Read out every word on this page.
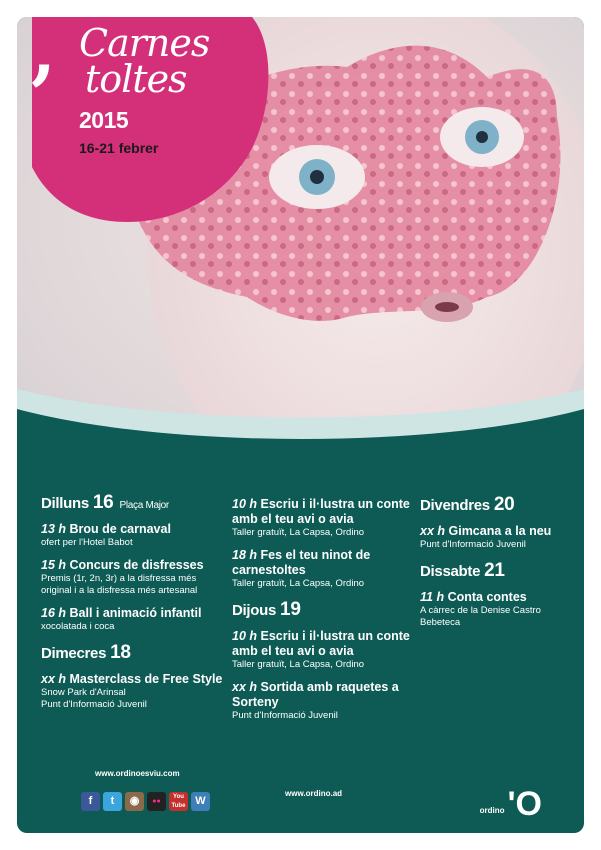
, Carnes
toltes
2015
16-21 febrer
Dilluns 16 Plaça Major
13 h Brou de carnaval
ofert per l'Hotel Babot
15 h Concurs de disfresses
Premis (1r, 2n, 3r) a la disfressa més original i a la disfressa més artesanal
16 h Ball i animació infantil
xocolatada i coca
Dimecres 18
xx h Masterclass de Free Style
Snow Park d'Arinsal
Punt d'Informació Juvenil
10 h Escriu i il·lustra un conte amb el teu avi o avia
Taller gratuït, La Capsa, Ordino
18 h Fes el teu ninot de carnestoltes
Taller gratuït, La Capsa, Ordino
Dijous 19
10 h Escriu i il·lustra un conte amb el teu avi o avia
Taller gratuït, La Capsa, Ordino
xx h Sortida amb raquetes a Sorteny
Punt d'Informació Juvenil
Divendres 20
xx h Gimcana a la neu
Punt d'Informació Juvenil
Dissabte 21
11 h Conta contes
A càrrec de la Denise Castro
Bebeteca
www.ordinoesviu.com
f	t	◉	●●
You Tube W
www.ordino.ad
ordino 'O
